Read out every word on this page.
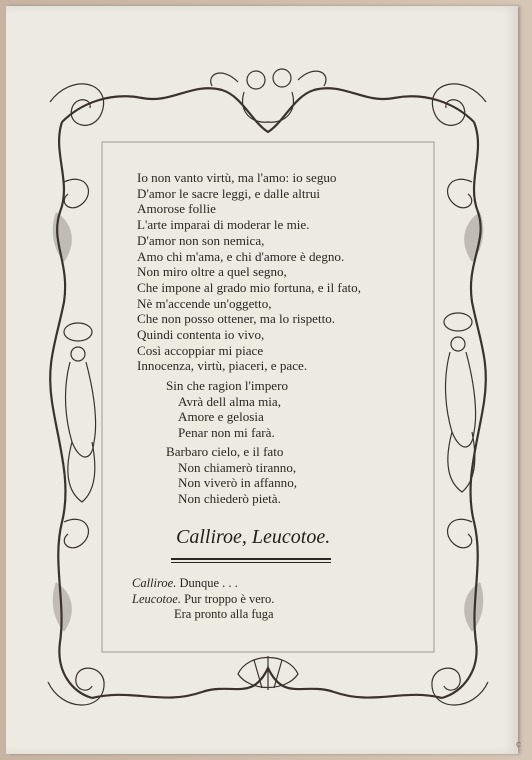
Io non vanto virtù, ma l'amo: io seguo
D'amor le sacre leggi, e dalle altrui
Amorose follie
L'arte imparai di moderar le mie.
D'amor non son nemica,
Amo chi m'ama, e chi d'amore è degno.
Non miro oltre a quel segno,
Che impone al grado mio fortuna, e il fato,
Nè m'accende un'oggetto,
Che non posso ottener, ma lo rispetto.
Quindi contenta io vivo,
Così accoppiar mi piace
Innocenza, virtù, piaceri, e pace.
Sin che ragion l'impero
Avrà dell alma mia,
Amore e gelosia
Penar non mi farà.
Barbaro cielo, e il fato
Non chiamerò tiranno,
Non viverò in affanno,
Non chiederò pietà.
Calliroe, Leucotoe.
Calliroe. Dunque . . .
Leucotoe. Pur troppo è vero.
Era pronto alla fuga
c
